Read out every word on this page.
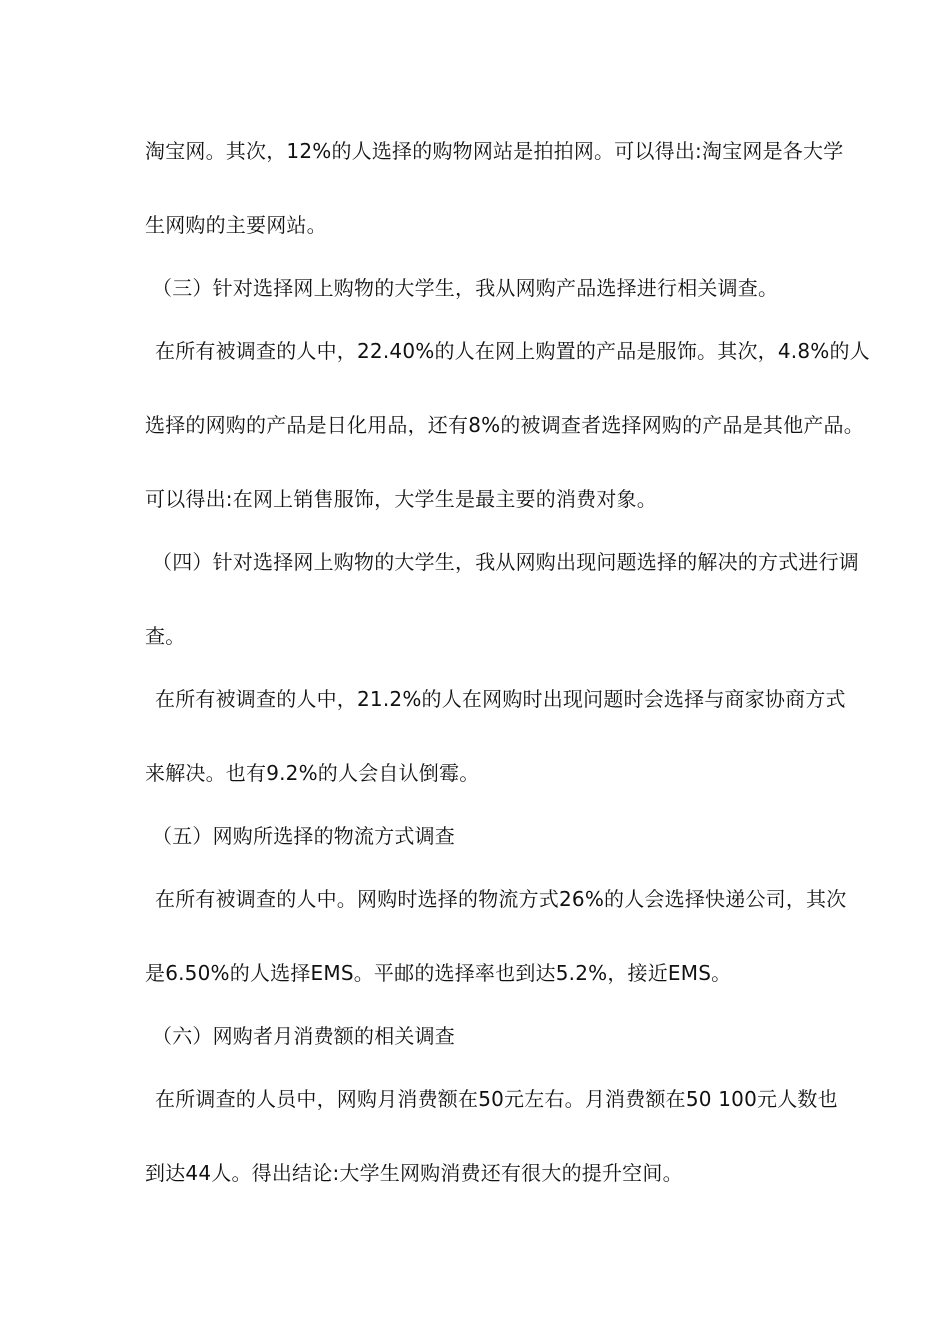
淘宝网。其次，12%的人选择的购物网站是拍拍网。可以得出:淘宝网是各大学
生网购的主要网站。
（三）针对选择网上购物的大学生，我从网购产品选择进行相关调查。
在所有被调查的人中，22.40%的人在网上购置的产品是服饰。其次，4.8%的人
选择的网购的产品是日化用品，还有8%的被调查者选择网购的产品是其他产品。
可以得出:在网上销售服饰，大学生是最主要的消费对象。
（四）针对选择网上购物的大学生，我从网购出现问题选择的解决的方式进行调
查。
在所有被调查的人中，21.2%的人在网购时出现问题时会选择与商家协商方式
来解决。也有9.2%的人会自认倒霉。
（五）网购所选择的物流方式调查
在所有被调查的人中。网购时选择的物流方式26%的人会选择快递公司，其次
是6.50%的人选择EMS。平邮的选择率也到达5.2%，接近EMS。
（六）网购者月消费额的相关调查
在所调查的人员中，网购月消费额在50元左右。月消费额在50 100元人数也
到达44人。得出结论:大学生网购消费还有很大的提升空间。
